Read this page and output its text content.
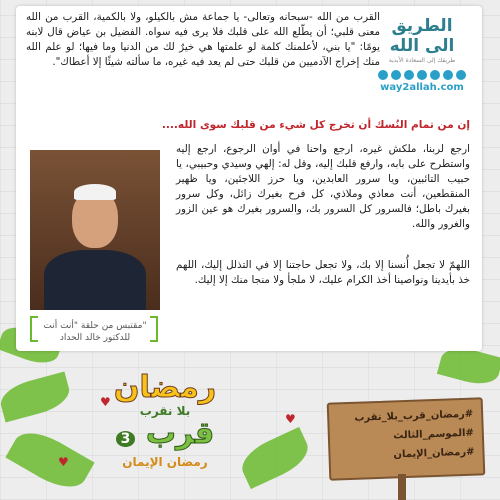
♥
♥
♥
الطريق الى الله
طريقك إلى السعادة الأبدية
way2allah.com
القرب من الله -سبحانه وتعالى- يا جماعة مش بالكيلو، ولا بالكمية، القرب من الله معنى قلبي؛ أن يطّلع الله على قلبك فلا يرى فيه سواه. الفضيل بن عياض قال لابنه يومًا: "يا بني، لأعلمنك كلمة لو علمتها هي خيرٌ لك من الدنيا وما فيها؛ لو علم الله منك إخراج الآدميين من قلبك حتى لم يعد فيه غيره، ما سألته شيئًا إلا أعطاك".
إن من تمام النُسك أن تخرج كل شيء من قلبك سوى الله....
ارجع لربنا، ملكش غيره، ارجع واحنا في أوان الرجوع، ارجع إليه واستطرح على بابه، وارفع قلبك إليه، وقل له: إلهي وسيدي وحبيبي، يا حبيب التائبين، ويا سرور العابدين، ويا حرز اللاجئين، ويا ظهير المنقطعين، أنت معاذي وملاذي، كل فرح بغيرك زائل، وكل سرور بغيرك باطل؛ فالسرور كل السرور بك، والسرور بغيرك هو عين الزور والغرور والله.
اللهمّ لا تجعل أُنسنا إلا بك، ولا تجعل حاجتنا إلا في التذلل إليك، اللهم خذ بأيدينا ونواصينا أخذ الكرام عليك، لا ملجأ ولا منجا منك إلا إليك.
مقتبس من حلقة "أنت أنت"
للدكتور خالد الحداد
رمضان
بلا نقرب
قرب 3
رمضان الإيمان
#رمضان_قرب_بلا_نقرب
#الموسم_الثالث
#رمضان_الإيمان
